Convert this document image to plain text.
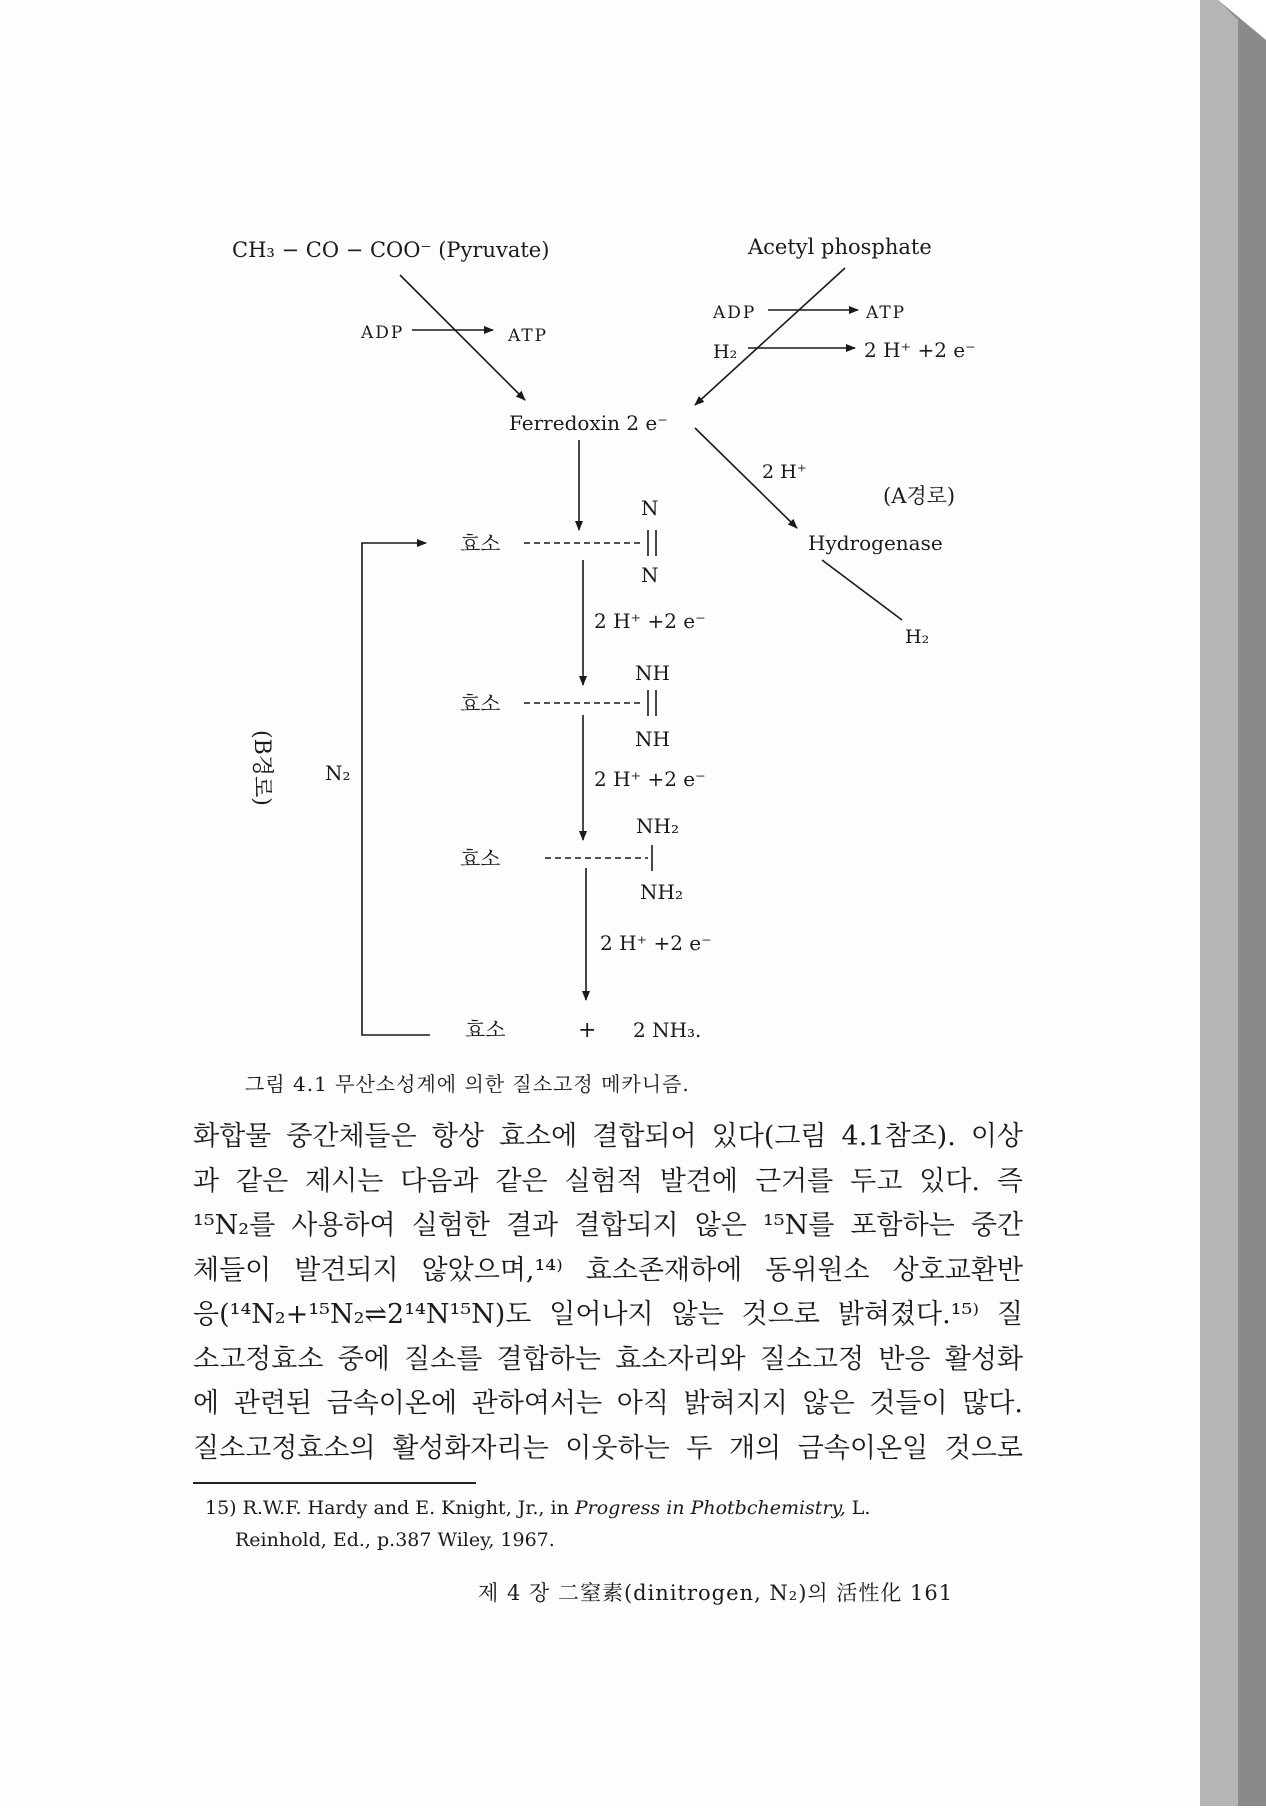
CH₃ − CO − COO⁻ (Pyruvate)	Acetyl phosphate
ADP	ATP
ADP	ATP
H₂	2 H⁺ +2 e⁻
Ferredoxin 2 e⁻
2 H⁺
(A경로)
Hydrogenase
H₂
(B경로)	N₂
효소
효소
효소
효소
N
N
2 H⁺ +2 e⁻
NH
NH
2 H⁺ +2 e⁻
NH₂
NH₂
2 H⁺ +2 e⁻
+ 2 NH₃.
그림 4.1 무산소성계에 의한 질소고정 메카니즘.
화합물 중간체들은 항상 효소에 결합되어 있다(그림 4.1참조). 이상
과 같은 제시는 다음과 같은 실험적 발견에 근거를 두고 있다. 즉
¹⁵N₂를 사용하여 실험한 결과 결합되지 않은 ¹⁵N를 포함하는 중간
체들이 발견되지 않았으며,¹⁴⁾ 효소존재하에 동위원소 상호교환반
응(¹⁴N₂+¹⁵N₂⇌2¹⁴N¹⁵N)도 일어나지 않는 것으로 밝혀졌다.¹⁵⁾ 질
소고정효소 중에 질소를 결합하는 효소자리와 질소고정 반응 활성화
에 관련된 금속이온에 관하여서는 아직 밝혀지지 않은 것들이 많다.
질소고정효소의 활성화자리는 이웃하는 두 개의 금속이온일 것으로
15) R.W.F. Hardy and E. Knight, Jr., in Progress in Photbchemistry, L.
Reinhold, Ed., p.387 Wiley, 1967.
제 4 장 二窒素(dinitrogen, N₂)의 活性化 161
